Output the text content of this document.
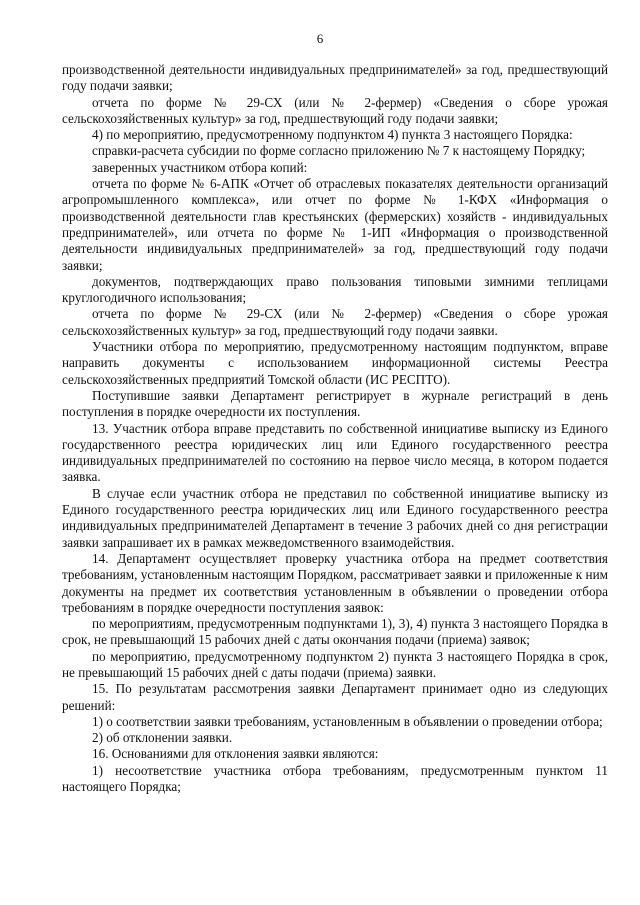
6

производственной деятельности индивидуальных предпринимателей» за год, предшествующий году подачи заявки;

отчета по форме № 29-СХ (или № 2-фермер) «Сведения о сборе урожая сельскохозяйственных культур» за год, предшествующий году подачи заявки;

4) по мероприятию, предусмотренному подпунктом 4) пункта 3 настоящего Порядка:

справки-расчета субсидии по форме согласно приложению № 7 к настоящему Порядку;

заверенных участником отбора копий:

отчета по форме № 6-АПК «Отчет об отраслевых показателях деятельности организаций агропромышленного комплекса», или отчет по форме № 1-КФХ «Информация о производственной деятельности глав крестьянских (фермерских) хозяйств - индивидуальных предпринимателей», или отчета по форме № 1-ИП «Информация о производственной деятельности индивидуальных предпринимателей» за год, предшествующий году подачи заявки;

документов, подтверждающих право пользования типовыми зимними теплицами круглогодичного использования;

отчета по форме № 29-СХ (или № 2-фермер) «Сведения о сборе урожая сельскохозяйственных культур» за год, предшествующий году подачи заявки.

Участники отбора по мероприятию, предусмотренному настоящим подпунктом, вправе направить документы с использованием информационной системы Реестра сельскохозяйственных предприятий Томской области (ИС РЕСПТО).

Поступившие заявки Департамент регистрирует в журнале регистраций в день поступления в порядке очередности их поступления.

13. Участник отбора вправе представить по собственной инициативе выписку из Единого государственного реестра юридических лиц или Единого государственного реестра индивидуальных предпринимателей по состоянию на первое число месяца, в котором подается заявка.

В случае если участник отбора не представил по собственной инициативе выписку из Единого государственного реестра юридических лиц или Единого государственного реестра индивидуальных предпринимателей Департамент в течение 3 рабочих дней со дня регистрации заявки запрашивает их в рамках межведомственного взаимодействия.

14. Департамент осуществляет проверку участника отбора на предмет соответствия требованиям, установленным настоящим Порядком, рассматривает заявки и приложенные к ним документы на предмет их соответствия установленным в объявлении о проведении отбора требованиям в порядке очередности поступления заявок:

по мероприятиям, предусмотренным подпунктами 1), 3), 4) пункта 3 настоящего Порядка в срок, не превышающий 15 рабочих дней с даты окончания подачи (приема) заявок;

по мероприятию, предусмотренному подпунктом 2) пункта 3 настоящего Порядка в срок, не превышающий 15 рабочих дней с даты подачи (приема) заявки.

15. По результатам рассмотрения заявки Департамент принимает одно из следующих решений:

1) о соответствии заявки требованиям, установленным в объявлении о проведении отбора;

2) об отклонении заявки.

16. Основаниями для отклонения заявки являются:

1) несоответствие участника отбора требованиям, предусмотренным пунктом 11 настоящего Порядка;
